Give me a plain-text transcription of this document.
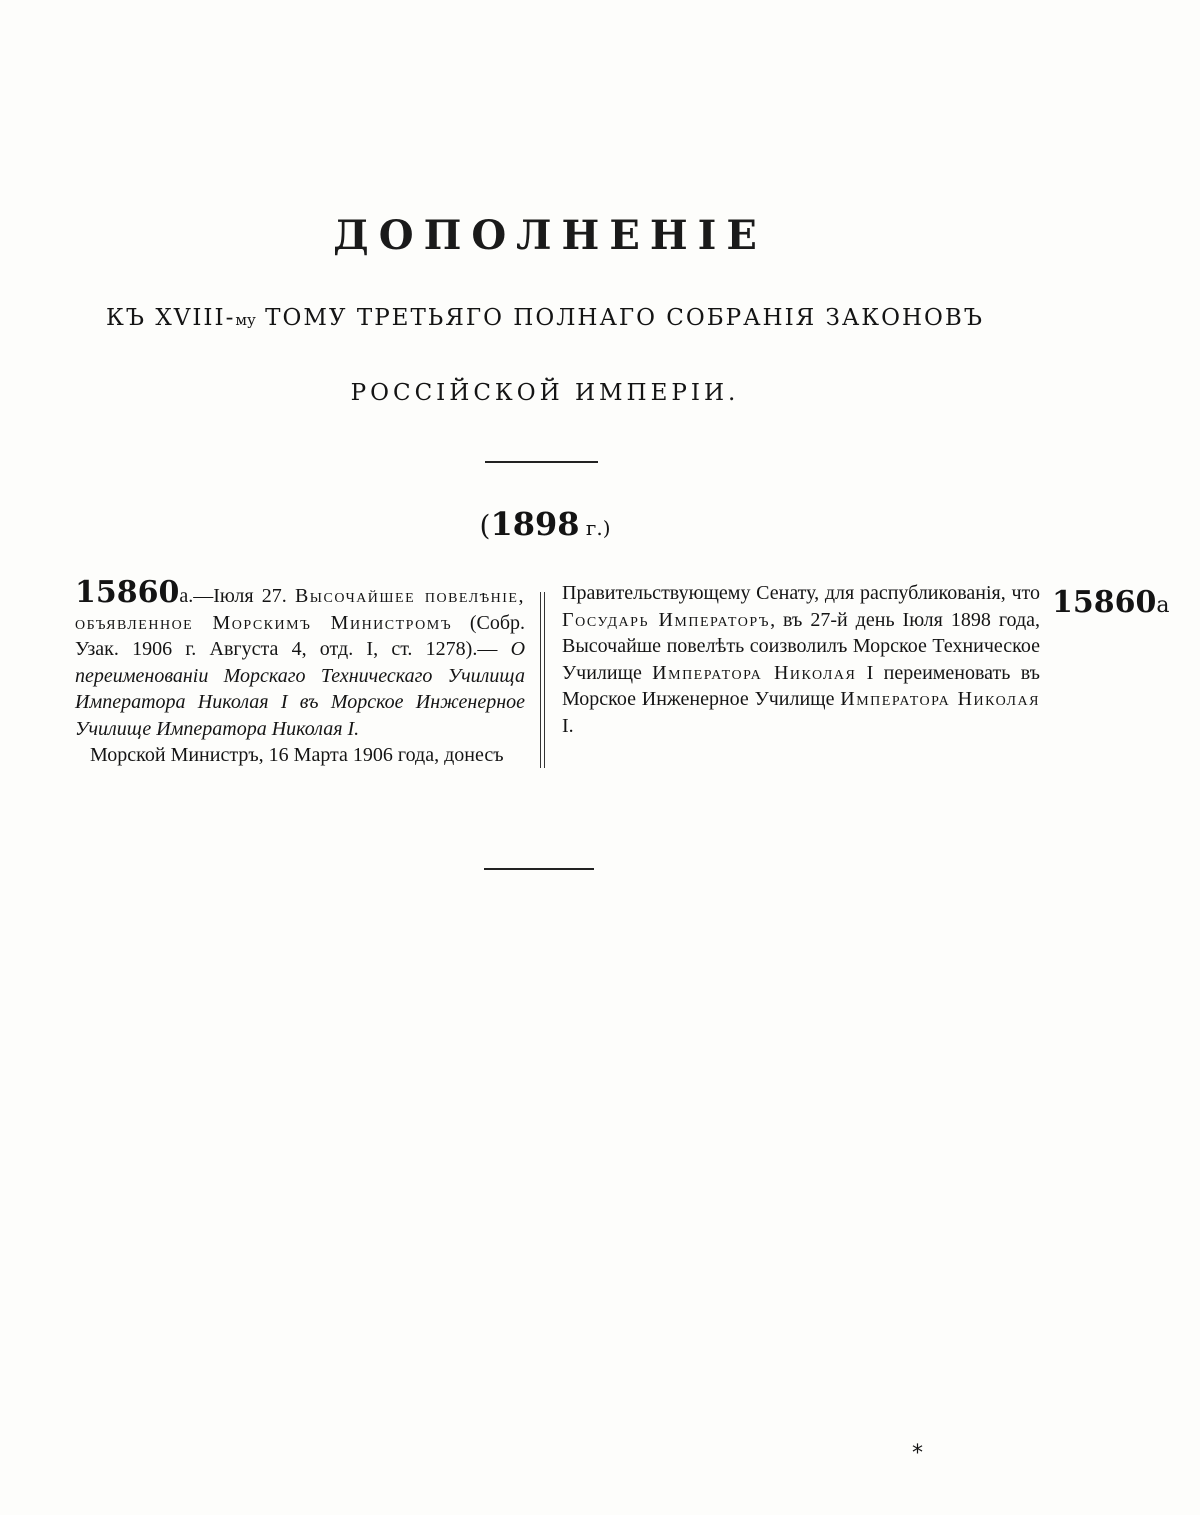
ДОПОЛНЕНІЕ
КЪ XVIII-му ТОМУ ТРЕТЬЯГО ПОЛНАГО СОБРАНІЯ ЗАКОНОВЪ
РОССІЙСКОЙ ИМПЕРІИ.
(1898 г.)

15860а.—Іюля 27. Высочайшее повелѣніе, объявленное Морскимъ Министромъ (Собр. Узак. 1906 г. Августа 4, отд. I, ст. 1278).— О переименованіи Морскаго Техническаго Училища Императора Николая I въ Морское Инженерное Училище Императора Николая I.

Морской Министръ, 16 Марта 1906 года, донесъ

Правительствующему Сенату, для распубликованія, что Государь Императоръ, въ 27-й день Іюля 1898 года, Высочайше повелѣть соизволилъ Морское Техническое Училище Императора Николая I переименовать въ Морское Инженерное Училище Императора Николая I.

15860а
*
